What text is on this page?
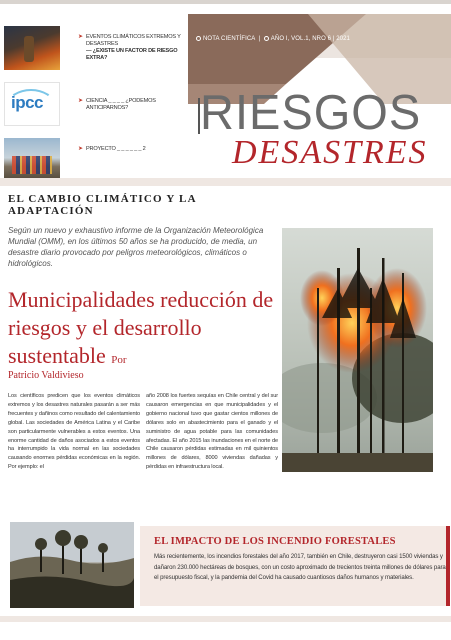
ipcc
➤ EVENTOS CLIMÁTICOS EXTREMOS Y DESASTRES
— ¿EXISTE UN FACTOR DE RIESGO EXTRA?
➤ CIENCIA _ _ _ _ ¿PODEMOS ANTICIPARNOS?
➤ PROYECTO _ _ _ _ _ _ 2
NOTA CIENTÍFICA  |  AÑO I, VOL.1, NRO 6 | 2021
RIESGOS
DESASTRES
EL CAMBIO CLIMÁTICO Y LA ADAPTACIÓN
Según un nuevo y exhaustivo informe de la Organización Meteorológica Mundial (OMM), en los últimos 50 años se ha producido, de media, un desastre diario provocado por peligros meteorológicos, climáticos o hidrológicos.
Municipalidades reducción de riesgos y el desarrollo sustentable Por
Patricio Valdivieso
Los científicos predicen que los eventos climáticos extremos y los desastres naturales pasarán a ser más frecuentes y dañinos como resultado del calentamiento global. Las sociedades de América Latina y el Caribe son particularmente vulnerables a estos eventos. Una enorme cantidad de daños asociados a estos eventos ha interrumpido la vida normal en las sociedades causando enormes pérdidas económicas en la región. Por ejemplo: el
año 2008 los fuertes sequías en Chile central y del sur causaron emergencias en que municipalidades y el gobierno nacional tuvo que gastar cientos millones de dólares solo en abastecimiento para el ganado y el suministro de agua potable para las comunidades afectadas. El año 2015 las inundaciones en el norte de Chile causaron pérdidas estimadas en mil quinientos millones de dólares, 8000 viviendas dañadas y pérdidas en infraestructura local.
EL IMPACTO DE LOS INCENDIO FORESTALES
Más recientemente, los incendios forestales del año 2017, también en Chile, destruyeron casi 1500 viviendas y dañaron 230.000 hectáreas de bosques, con un costo aproximado de trecientos treinta millones de dólares para el presupuesto fiscal, y la pandemia del Covid ha causado cuantiosos daños humanos y materiales.
